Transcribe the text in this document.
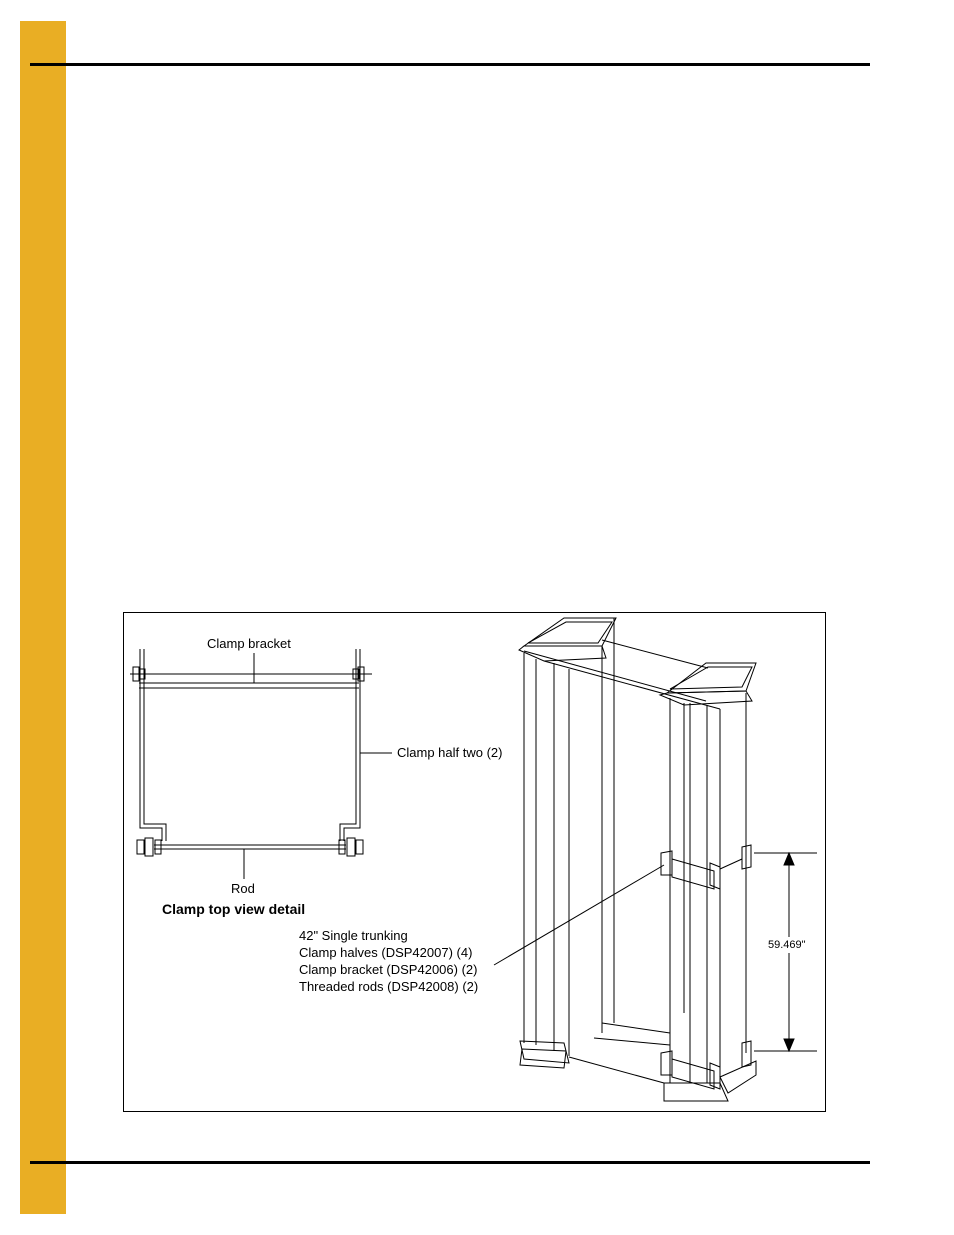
Clamp bracket
Clamp half two (2)
Rod
Clamp top view detail
42" Single trunking
Clamp halves (DSP42007) (4)
Clamp bracket (DSP42006) (2)
Threaded rods (DSP42008) (2)
59.469"
